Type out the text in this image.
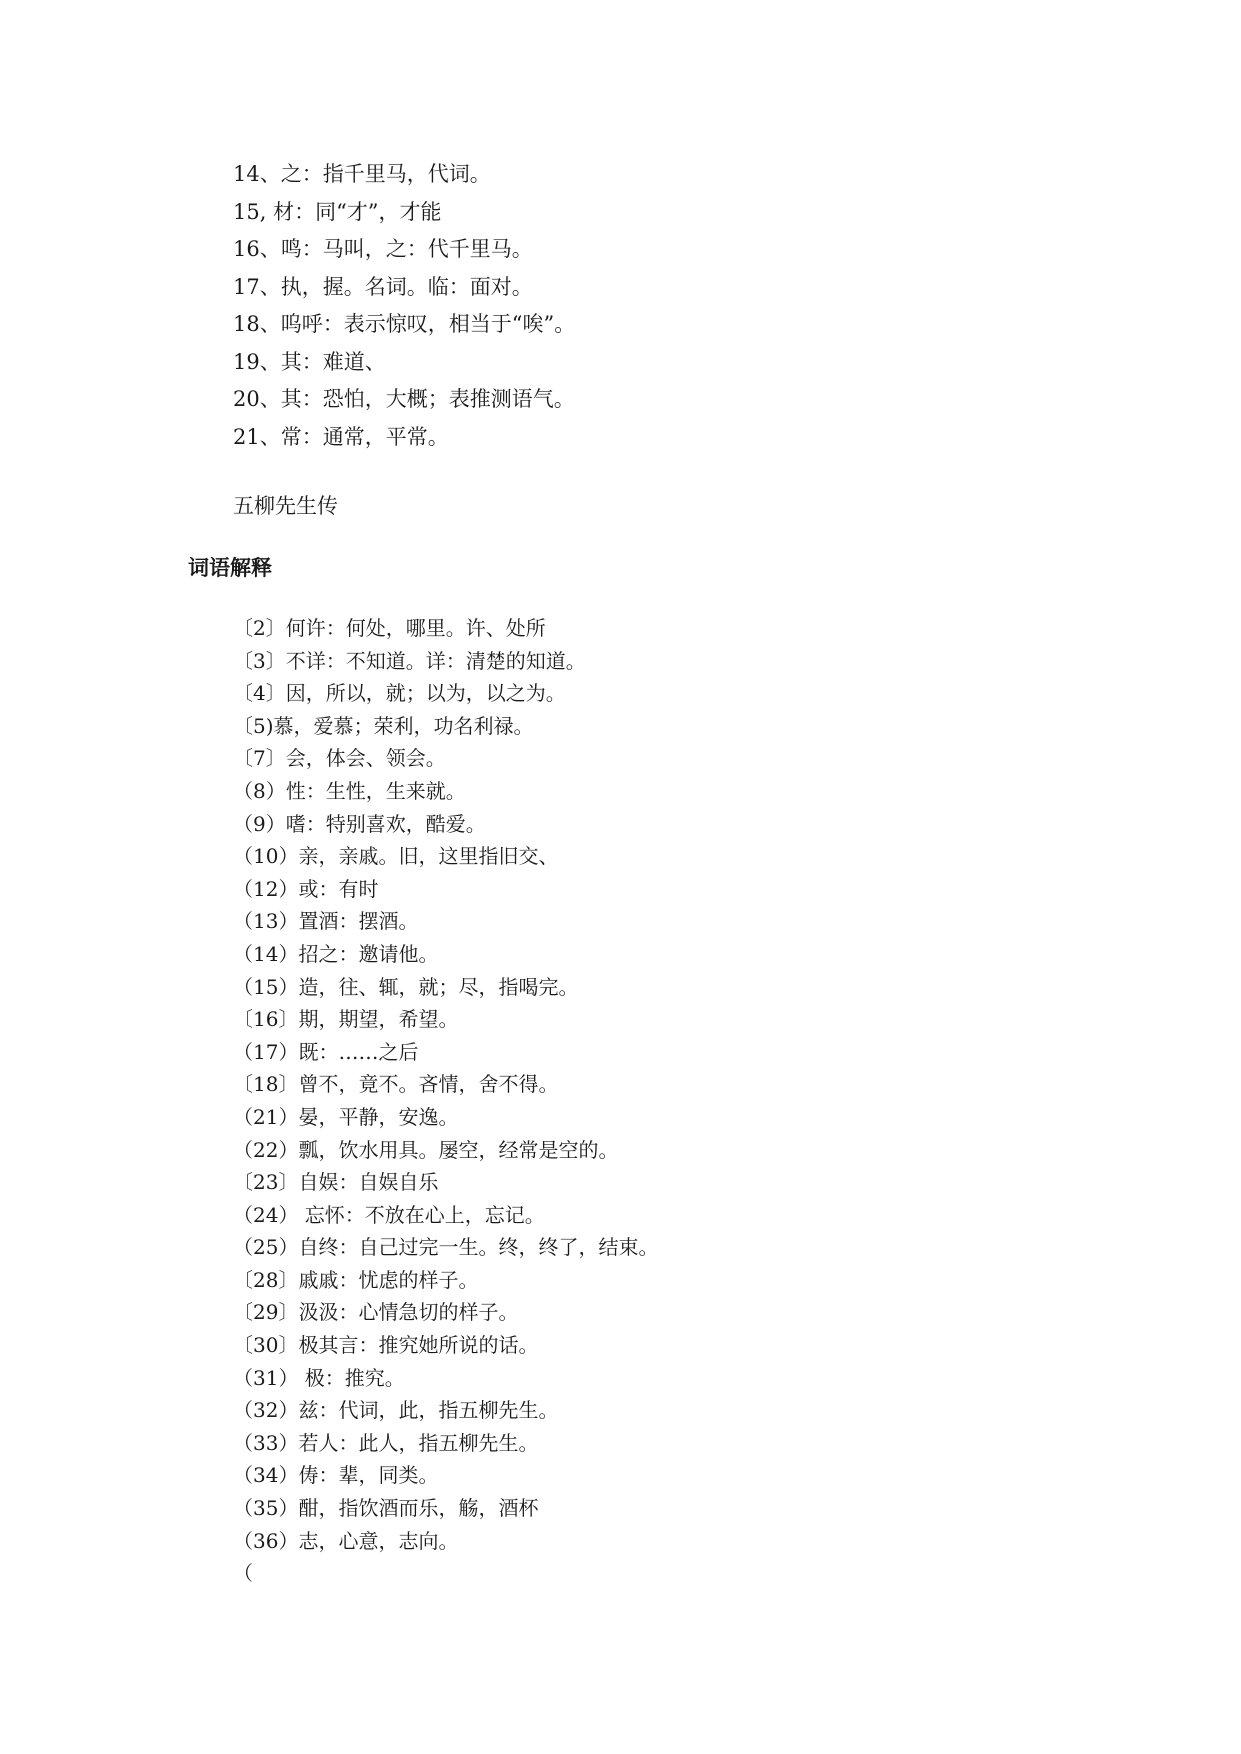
14、之：指千里马，代词。
15, 材：同“才”，才能
16、鸣：马叫，之：代千里马。
17、执，握。名词。临：面对。
18、呜呼：表示惊叹，相当于“唉”。
19、其：难道、
20、其：恐怕，大概；表推测语气。
21、常：通常，平常。
五柳先生传
词语解释
〔2〕何许：何处，哪里。许、处所
〔3〕不详：不知道。详：清楚的知道。
〔4〕因，所以，就；以为，以之为。
〔5)慕，爱慕；荣利，功名利禄。
〔7〕会，体会、领会。
（8）性：生性，生来就。
（9）嗜：特别喜欢，酷爱。
（10）亲，亲戚。旧，这里指旧交、
（12）或：有时
（13）置酒：摆酒。
（14）招之：邀请他。
（15）造，往、辄，就；尽，指喝完。
〔16〕期，期望，希望。
（17）既：……之后
〔18〕曾不，竟不。吝情，舍不得。
（21）晏，平静，安逸。
（22）瓢，饮水用具。屡空，经常是空的。
〔23〕自娱：自娱自乐
（24） 忘怀：不放在心上，忘记。
（25）自终：自己过完一生。终，终了，结束。
〔28〕戚戚：忧虑的样子。
〔29〕汲汲：心情急切的样子。
〔30〕极其言：推究她所说的话。
（31） 极：推究。
（32）兹：代词，此，指五柳先生。
（33）若人：此人，指五柳先生。
（34）俦：辈，同类。
（35）酣，指饮酒而乐，觞，酒杯
（36）志，心意，志向。
（
